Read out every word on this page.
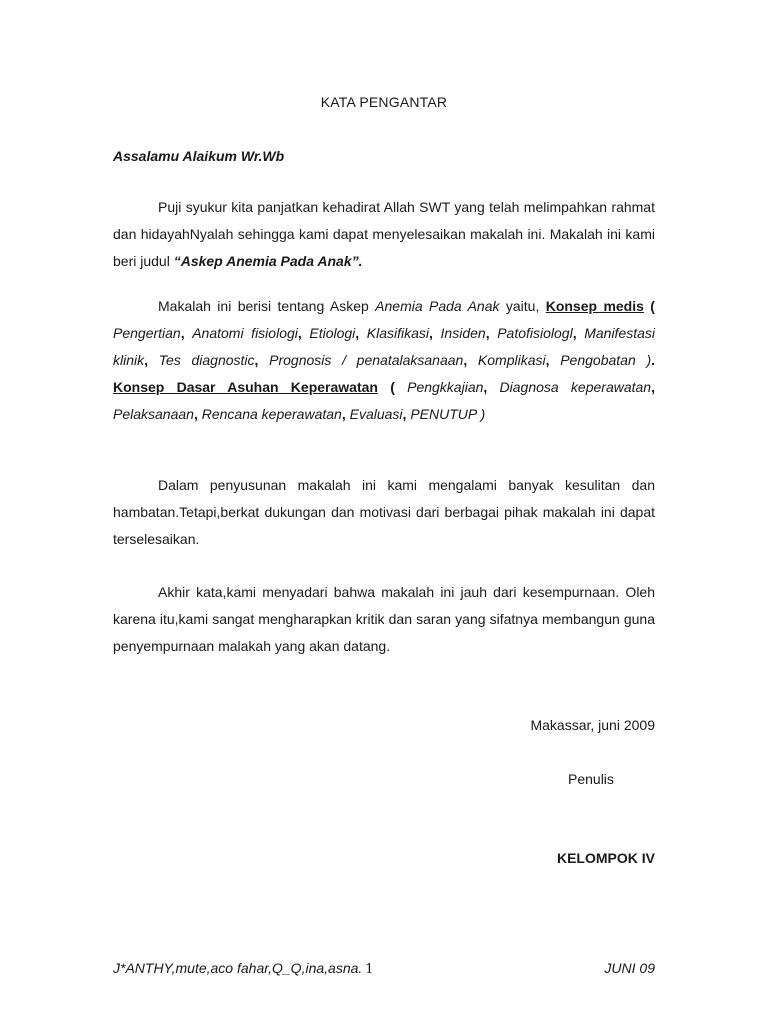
KATA PENGANTAR
Assalamu Alaikum Wr.Wb
Puji syukur kita panjatkan kehadirat Allah SWT yang telah melimpahkan rahmat dan hidayahNyalah sehingga kami dapat menyelesaikan makalah ini. Makalah ini kami beri judul “Askep Anemia Pada Anak”.
Makalah ini berisi tentang Askep Anemia Pada Anak yaitu, Konsep medis ( Pengertian, Anatomi fisiologi, Etiologi, Klasifikasi, Insiden, Patofisiologl, Manifestasi klinik, Tes diagnostic, Prognosis / penatalaksanaan, Komplikasi, Pengobatan ). Konsep Dasar Asuhan Keperawatan ( Pengkkajian, Diagnosa keperawatan, Pelaksanaan, Rencana keperawatan, Evaluasi, PENUTUP )
Dalam penyusunan makalah ini kami mengalami banyak kesulitan dan hambatan.Tetapi,berkat dukungan dan motivasi dari berbagai pihak makalah ini dapat terselesaikan.
Akhir kata,kami menyadari bahwa makalah ini jauh dari kesempurnaan. Oleh karena itu,kami sangat mengharapkan kritik dan saran yang sifatnya membangun guna penyempurnaan malakah yang akan datang.
Makassar, juni 2009
Penulis
KELOMPOK IV
J*ANTHY,mute,aco fahar,Q_Q,ina,asna. 1	JUNI 09
